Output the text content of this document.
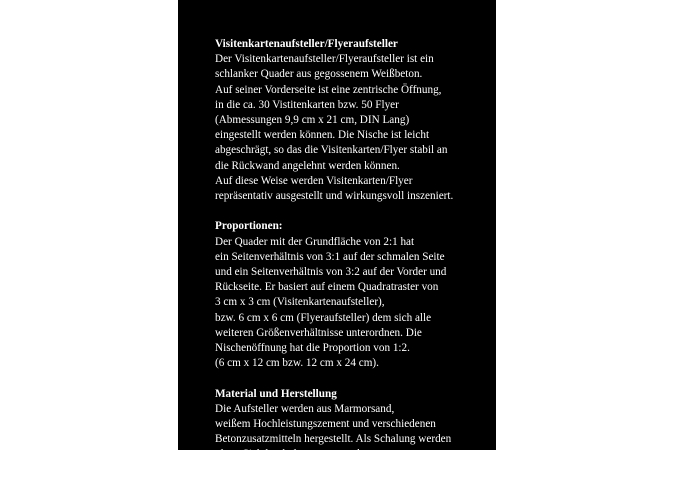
Visitenkartenaufsteller/Flyeraufsteller
Der Visitenkartenaufsteller/Flyeraufsteller ist ein
schlanker Quader aus gegossenem Weißbeton.
Auf seiner Vorderseite ist eine zentrische Öffnung,
in die ca. 30 Vistitenkarten bzw. 50 Flyer
(Abmessungen 9,9 cm x 21 cm, DIN Lang)
eingestellt werden können. Die Nische ist leicht
abgeschrägt, so das die Visitenkarten/Flyer stabil an
die Rückwand angelehnt werden können.
Auf diese Weise werden Visitenkarten/Flyer
repräsentativ ausgestellt und wirkungsvoll inszeniert.
Proportionen:
Der Quader mit der Grundfläche von 2:1 hat
ein Seitenverhältnis von 3:1 auf der schmalen Seite
und ein Seitenverhältnis von 3:2 auf der Vorder und
Rückseite. Er basiert auf einem Quadratraster von
3 cm x 3 cm (Visitenkartenaufsteller),
bzw. 6 cm x 6 cm (Flyeraufsteller) dem sich alle
weiteren Größenverhältnisse unterordnen. Die
Nischenöffnung hat die Proportion von 1:2.
(6 cm x 12 cm bzw. 12 cm x 24 cm).
Material und Herstellung
Die Aufsteller werden aus Marmorsand,
weißem Hochleistungszement und verschiedenen
Betonzusatzmitteln hergestellt. Als Schalung werden
glatte Siebdruckplatten verwendet.
Die spezielle Betonrezeptur, die Qualität der Schalung
